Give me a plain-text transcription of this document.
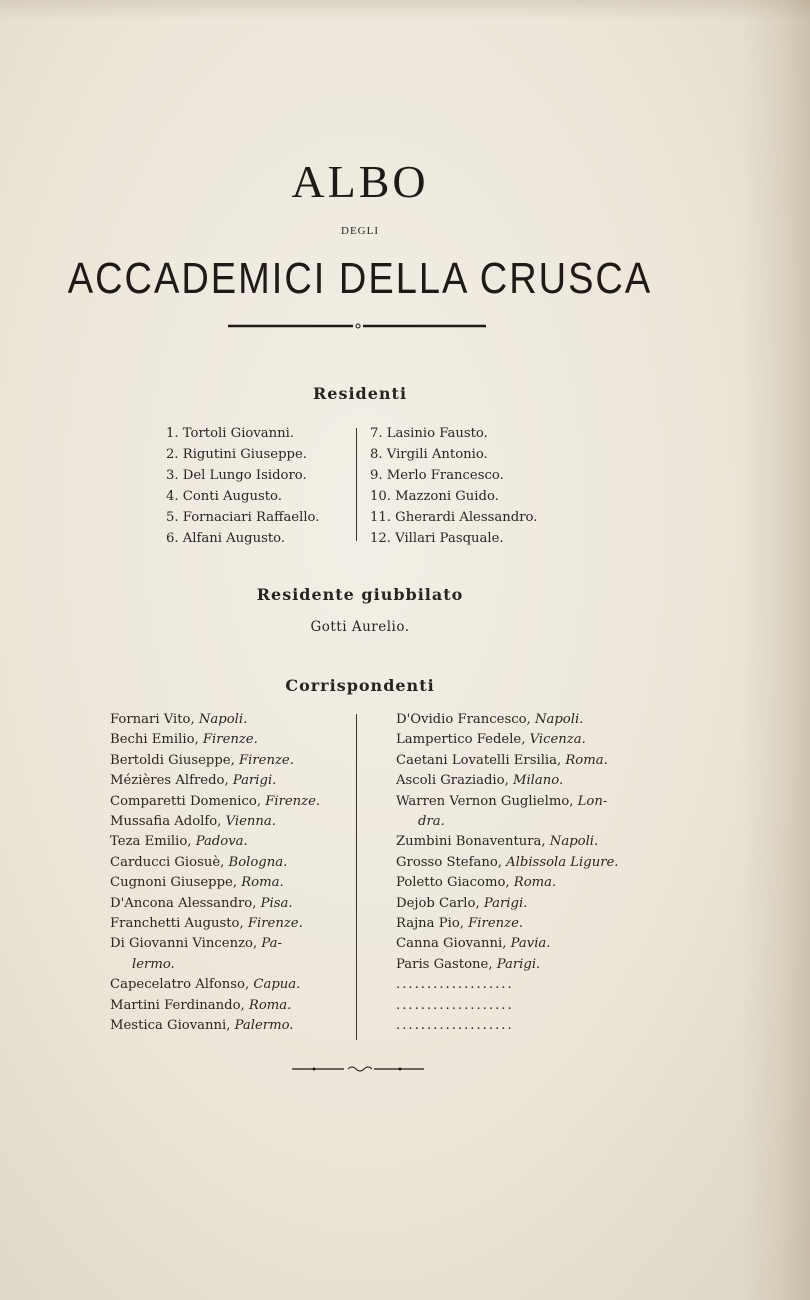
ALBO
DEGLI
ACCADEMICI DELLA CRUSCA
Residenti
1. Tortoli Giovanni.
2. Rigutini Giuseppe.
3. Del Lungo Isidoro.
4. Conti Augusto.
5. Fornaciari Raffaello.
6. Alfani Augusto.
7. Lasinio Fausto.
8. Virgili Antonio.
9. Merlo Francesco.
10. Mazzoni Guido.
11. Gherardi Alessandro.
12. Villari Pasquale.
Residente giubbilato
Gotti Aurelio.
Corrispondenti
Fornari Vito, Napoli.
Bechi Emilio, Firenze.
Bertoldi Giuseppe, Firenze.
Mézières Alfredo, Parigi.
Comparetti Domenico, Firenze.
Mussafia Adolfo, Vienna.
Teza Emilio, Padova.
Carducci Giosuè, Bologna.
Cugnoni Giuseppe, Roma.
D'Ancona Alessandro, Pisa.
Franchetti Augusto, Firenze.
Di Giovanni Vincenzo, Pa-
lermo.
Capecelatro Alfonso, Capua.
Martini Ferdinando, Roma.
Mestica Giovanni, Palermo.
D'Ovidio Francesco, Napoli.
Lampertico Fedele, Vicenza.
Caetani Lovatelli Ersilia, Roma.
Ascoli Graziadio, Milano.
Warren Vernon Guglielmo, Lon-
dra.
Zumbini Bonaventura, Napoli.
Grosso Stefano, Albissola Ligure.
Poletto Giacomo, Roma.
Dejob Carlo, Parigi.
Rajna Pio, Firenze.
Canna Giovanni, Pavia.
Paris Gastone, Parigi.
...................
...................
...................
